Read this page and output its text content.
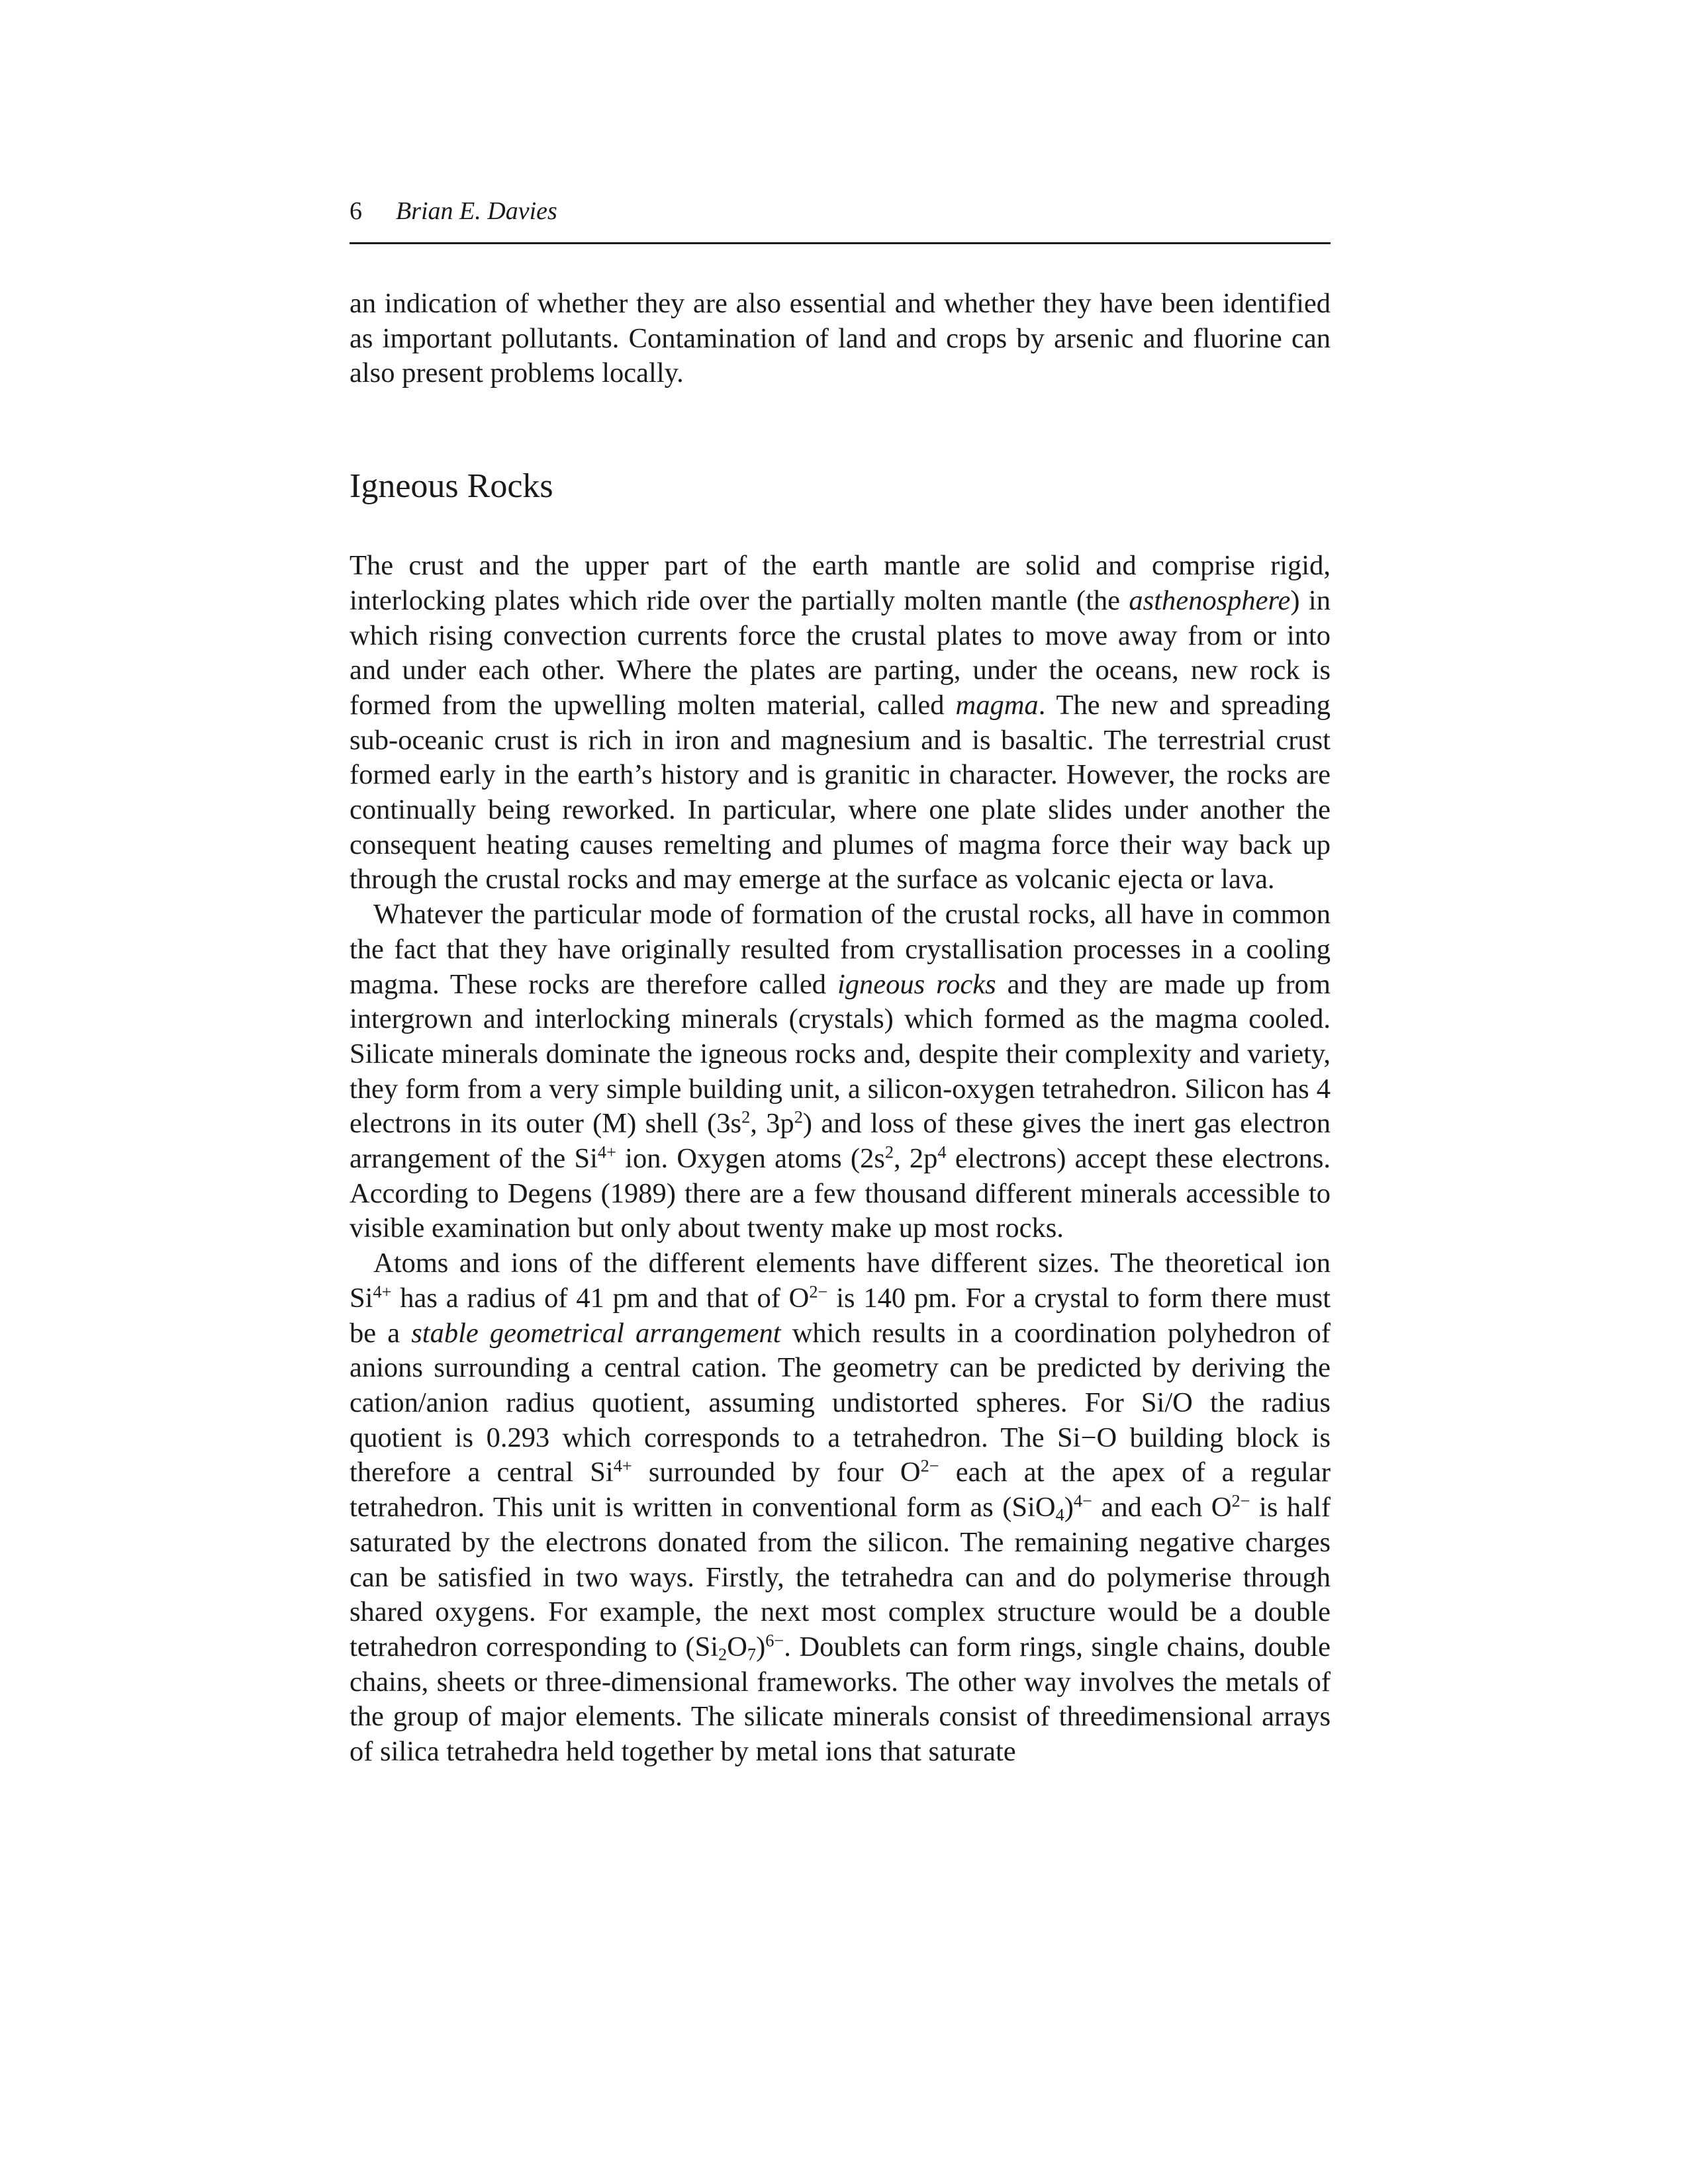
6	Brian E. Davies

an indication of whether they are also essential and whether they have been identified as important pollutants. Contamination of land and crops by arsenic and fluorine can also present problems locally.

Igneous Rocks

The crust and the upper part of the earth mantle are solid and comprise rigid, interlocking plates which ride over the partially molten mantle (the asthenosphere) in which rising convection currents force the crustal plates to move away from or into and under each other. Where the plates are parting, under the oceans, new rock is formed from the upwelling molten material, called magma. The new and spreading sub-oceanic crust is rich in iron and magnesium and is basaltic. The terrestrial crust formed early in the earth’s history and is granitic in character. However, the rocks are continually being reworked. In particular, where one plate slides under another the consequent heating causes remelting and plumes of magma force their way back up through the crustal rocks and may emerge at the surface as volcanic ejecta or lava.

Whatever the particular mode of formation of the crustal rocks, all have in common the fact that they have originally resulted from crystallisation processes in a cooling magma. These rocks are therefore called igneous rocks and they are made up from intergrown and interlocking minerals (crystals) which formed as the magma cooled. Silicate minerals dominate the igneous rocks and, despite their complexity and variety, they form from a very simple building unit, a silicon-oxygen tetrahedron. Silicon has 4 electrons in its outer (M) shell ($3s^2$, $3p^2$) and loss of these gives the inert gas electron arrangement of the $Si^{4+}$ ion. Oxygen atoms ($2s^2$, $2p^4$ electrons) accept these electrons. According to Degens (1989) there are a few thousand different minerals accessible to visible examination but only about twenty make up most rocks.

Atoms and ions of the different elements have different sizes. The theoretical ion $Si^{4+}$ has a radius of 41 pm and that of $O^{2-}$ is 140 pm. For a crystal to form there must be a stable geometrical arrangement which results in a coordination polyhedron of anions surrounding a central cation. The geometry can be predicted by deriving the cation/anion radius quotient, assuming undistorted spheres. For Si/O the radius quotient is 0.293 which corresponds to a tetrahedron. The Si−O building block is therefore a central $Si^{4+}$ surrounded by four $O^{2-}$ each at the apex of a regular tetrahedron. This unit is written in conventional form as $(SiO_4)^{4-}$ and each $O^{2-}$ is half saturated by the electrons donated from the silicon. The remaining negative charges can be satisfied in two ways. Firstly, the tetrahedra can and do polymerise through shared oxygens. For example, the next most complex structure would be a double tetrahedron corresponding to $(Si_2O_7)^{6-}$. Doublets can form rings, single chains, double chains, sheets or three-dimensional frameworks. The other way involves the metals of the group of major elements. The silicate minerals consist of threedimensional arrays of silica tetrahedra held together by metal ions that saturate
